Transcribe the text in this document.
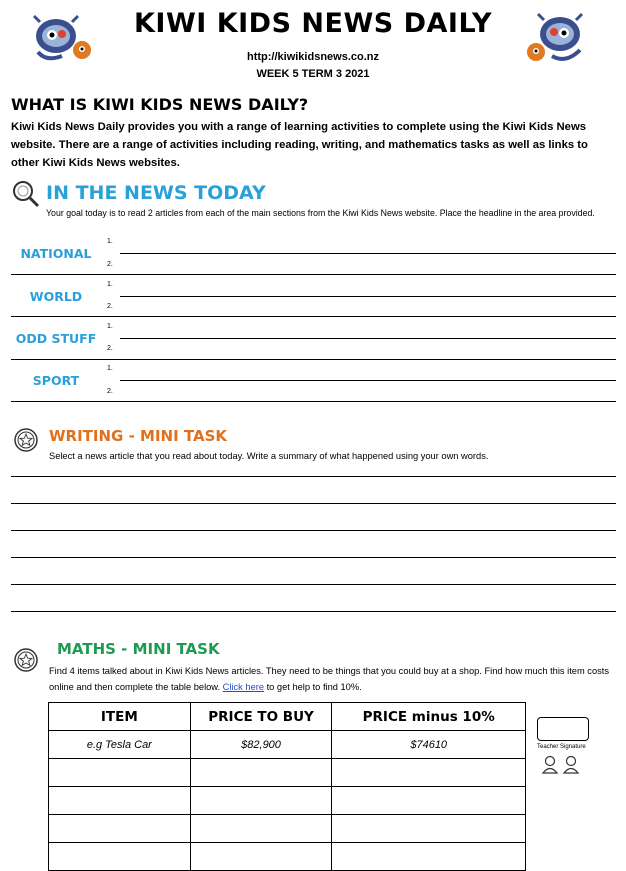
KIWI KIDS NEWS DAILY
http://kiwikidsnews.co.nz
WEEK 5 TERM 3 2021
WHAT IS KIWI KIDS NEWS DAILY?
Kiwi Kids News Daily provides you with a range of learning activities to complete using the Kiwi Kids News website. There are a range of activities including reading, writing, and mathematics tasks as well as links to other Kiwi Kids News websites.
IN THE NEWS TODAY
Your goal today is to read 2 articles from each of the main sections from the Kiwi Kids News website. Place the headline in the area provided.
NATIONAL
1.
2.
WORLD
1.
2.
ODD STUFF
1.
2.
SPORT
1.
2.
WRITING - MINI TASK
Select a news article that you read about today. Write a summary of what happened using your own words.
MATHS - MINI TASK
Find 4 items talked about in Kiwi Kids News articles. They need to be things that you could buy at a shop. Find how much this item costs online and then complete the table below. Click here to get help to find 10%.
ITEM	PRICE TO BUY	PRICE minus 10%
e.g Tesla Car	$82,900	$74610

			Teacher Signature
